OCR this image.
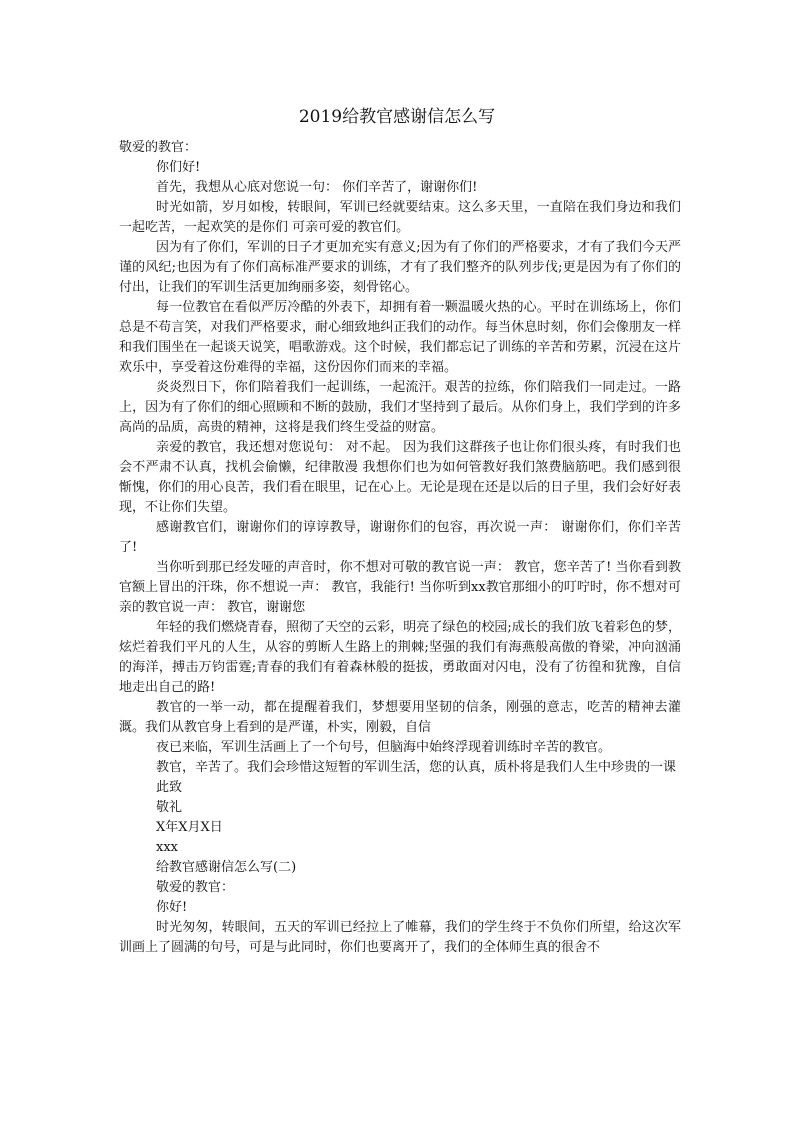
2019给教官感谢信怎么写

敬爱的教官：

你们好!

首先，我想从心底对您说一句： 你们辛苦了，谢谢你们!

时光如箭，岁月如梭，转眼间，军训已经就要结束。这么多天里，一直陪在我们身边和我们一起吃苦，一起欢笑的是你们 可亲可爱的教官们。

因为有了你们，军训的日子才更加充实有意义;因为有了你们的严格要求，才有了我们今天严谨的风纪;也因为有了你们高标准严要求的训练，才有了我们整齐的队列步伐;更是因为有了你们的付出，让我们的军训生活更加绚丽多姿，刻骨铭心。

每一位教官在看似严厉冷酷的外表下，却拥有着一颗温暖火热的心。平时在训练场上，你们总是不苟言笑，对我们严格要求，耐心细致地纠正我们的动作。每当休息时刻，你们会像朋友一样和我们围坐在一起谈天说笑，唱歌游戏。这个时候，我们都忘记了训练的辛苦和劳累，沉浸在这片欢乐中，享受着这份难得的幸福，这份因你们而来的幸福。

炎炎烈日下，你们陪着我们一起训练，一起流汗。艰苦的拉练，你们陪我们一同走过。一路上，因为有了你们的细心照顾和不断的鼓励，我们才坚持到了最后。从你们身上，我们学到的许多高尚的品质，高贵的精神，这将是我们终生受益的财富。

亲爱的教官，我还想对您说句： 对不起。 因为我们这群孩子也让你们很头疼，有时我们也会不严肃不认真，找机会偷懒，纪律散漫 我想你们也为如何管教好我们煞费脑筋吧。我们感到很惭愧，你们的用心良苦，我们看在眼里，记在心上。无论是现在还是以后的日子里，我们会好好表现，不让你们失望。

感谢教官们，谢谢你们的谆谆教导，谢谢你们的包容，再次说一声： 谢谢你们，你们辛苦了!

当你听到那已经发哑的声音时，你不想对可敬的教官说一声： 教官，您辛苦了! 当你看到教官额上冒出的汗珠，你不想说一声： 教官，我能行! 当你听到xx教官那细小的叮咛时，你不想对可亲的教官说一声： 教官，谢谢您

年轻的我们燃烧青春，照彻了天空的云彩，明亮了绿色的校园;成长的我们放飞着彩色的梦，炫烂着我们平凡的人生，从容的剪断人生路上的荆棘;坚强的我们有海燕般高傲的脊梁，冲向汹涌的海洋，搏击万钧雷霆;青春的我们有着森林般的挺拔，勇敢面对闪电，没有了彷徨和犹豫，自信地走出自己的路!

教官的一举一动，都在提醒着我们，梦想要用坚韧的信条，刚强的意志，吃苦的精神去灌溉。我们从教官身上看到的是严谨，朴实，刚毅，自信

夜已来临，军训生活画上了一个句号，但脑海中始终浮现着训练时辛苦的教官。

教官，辛苦了。我们会珍惜这短暂的军训生活，您的认真，质朴将是我们人生中珍贵的一课

此致

敬礼

X年X月X日

xxx

给教官感谢信怎么写(二)

敬爱的教官：

你好!

时光匆匆，转眼间，五天的军训已经拉上了帷幕，我们的学生终于不负你们所望，给这次军训画上了圆满的句号，可是与此同时，你们也要离开了，我们的全体师生真的很舍不
